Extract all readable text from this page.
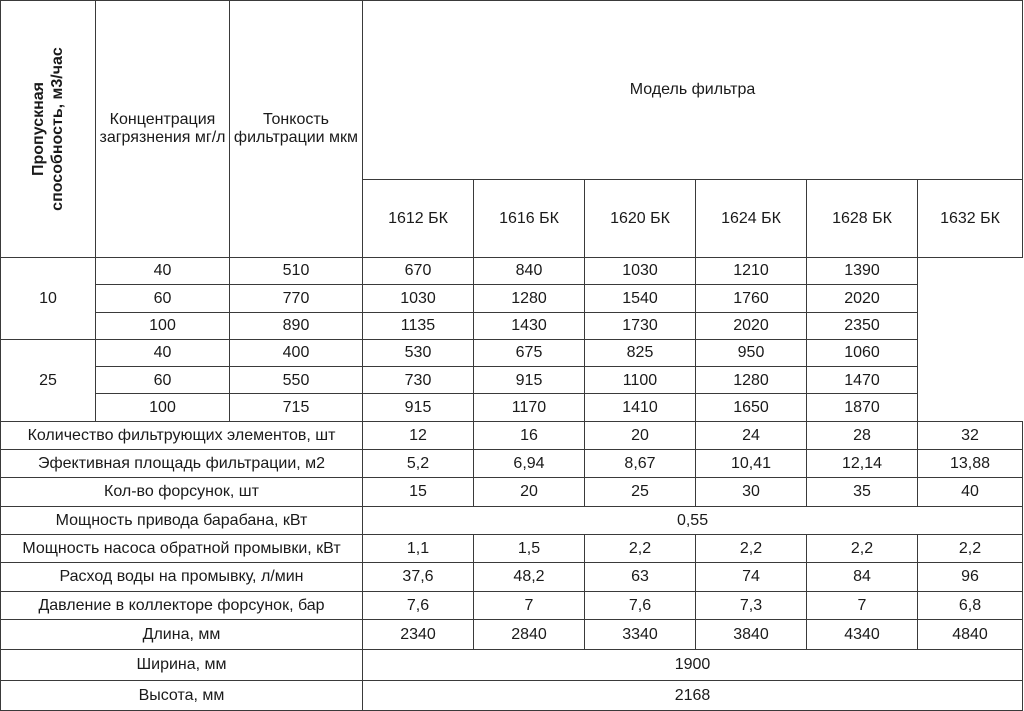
Пропускная способность, м3/час	Концентрация загрязнения мг/л	Тонкость фильтрации мкм	Модель фильтра					
			1612 БК	1616 БК	1620 БК	1624 БК	1628 БК	1632 БК
10	40	510	670	840	1030	1210	1390	
	60	770	1030	1280	1540	1760	2020	
	100	890	1135	1430	1730	2020	2350	
25	40	400	530	675	825	950	1060	
	60	550	730	915	1100	1280	1470	
	100	715	915	1170	1410	1650	1870	
Количество фильтрующих элементов, шт			12	16	20	24	28	32
Эфективная площадь фильтрации, м2			5,2	6,94	8,67	10,41	12,14	13,88
Кол-во форсунок, шт			15	20	25	30	35	40
Мощность привода барабана, кВт			0,55					
Мощность насоса обратной промывки, кВт			1,1	1,5	2,2	2,2	2,2	2,2
Расход воды на промывку, л/мин			37,6	48,2	63	74	84	96
Давление в коллекторе форсунок, бар			7,6	7	7,6	7,3	7	6,8
Длина, мм			2340	2840	3340	3840	4340	4840
Ширина, мм			1900					
Высота, мм			2168					
